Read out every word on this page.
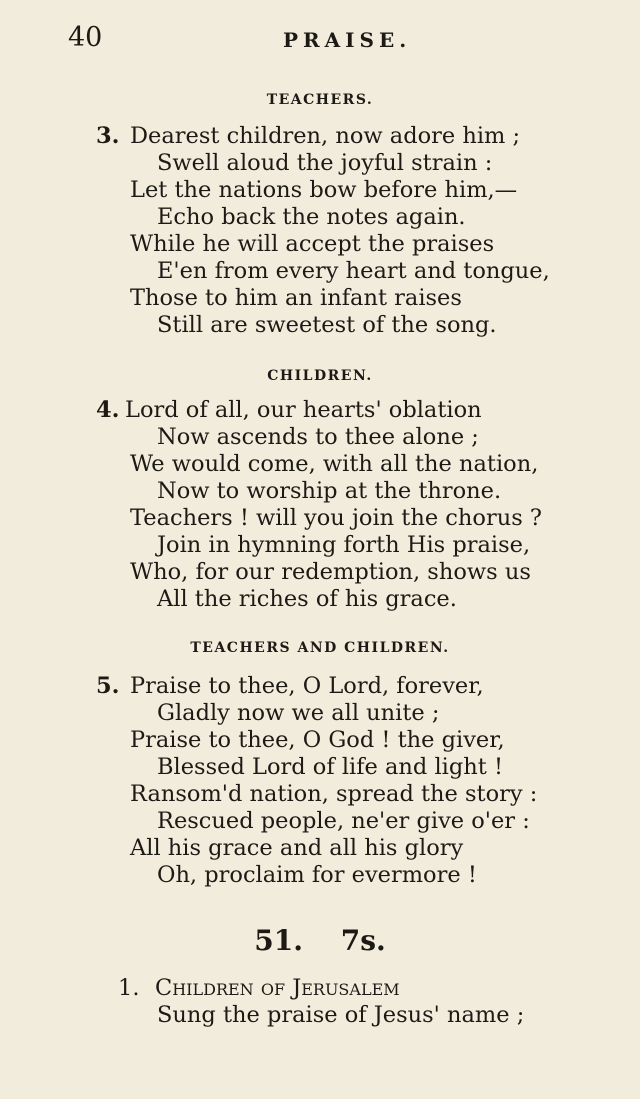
40	PRAISE.
TEACHERS.
3. Dearest children, now adore him ;
Swell aloud the joyful strain :
Let the nations bow before him,—
Echo back the notes again.
While he will accept the praises
E'en from every heart and tongue,
Those to him an infant raises
Still are sweetest of the song.
CHILDREN.
4. Lord of all, our hearts' oblation
Now ascends to thee alone ;
We would come, with all the nation,
Now to worship at the throne.
Teachers ! will you join the chorus ?
Join in hymning forth His praise,
Who, for our redemption, shows us
All the riches of his grace.
TEACHERS AND CHILDREN.
5. Praise to thee, O Lord, forever,
Gladly now we all unite ;
Praise to thee, O God ! the giver,
Blessed Lord of life and light !
Ransom'd nation, spread the story :
Rescued people, ne'er give o'er :
All his grace and all his glory
Oh, proclaim for evermore !
51. 7s.
1. Children of Jerusalem
Sung the praise of Jesus' name ;
